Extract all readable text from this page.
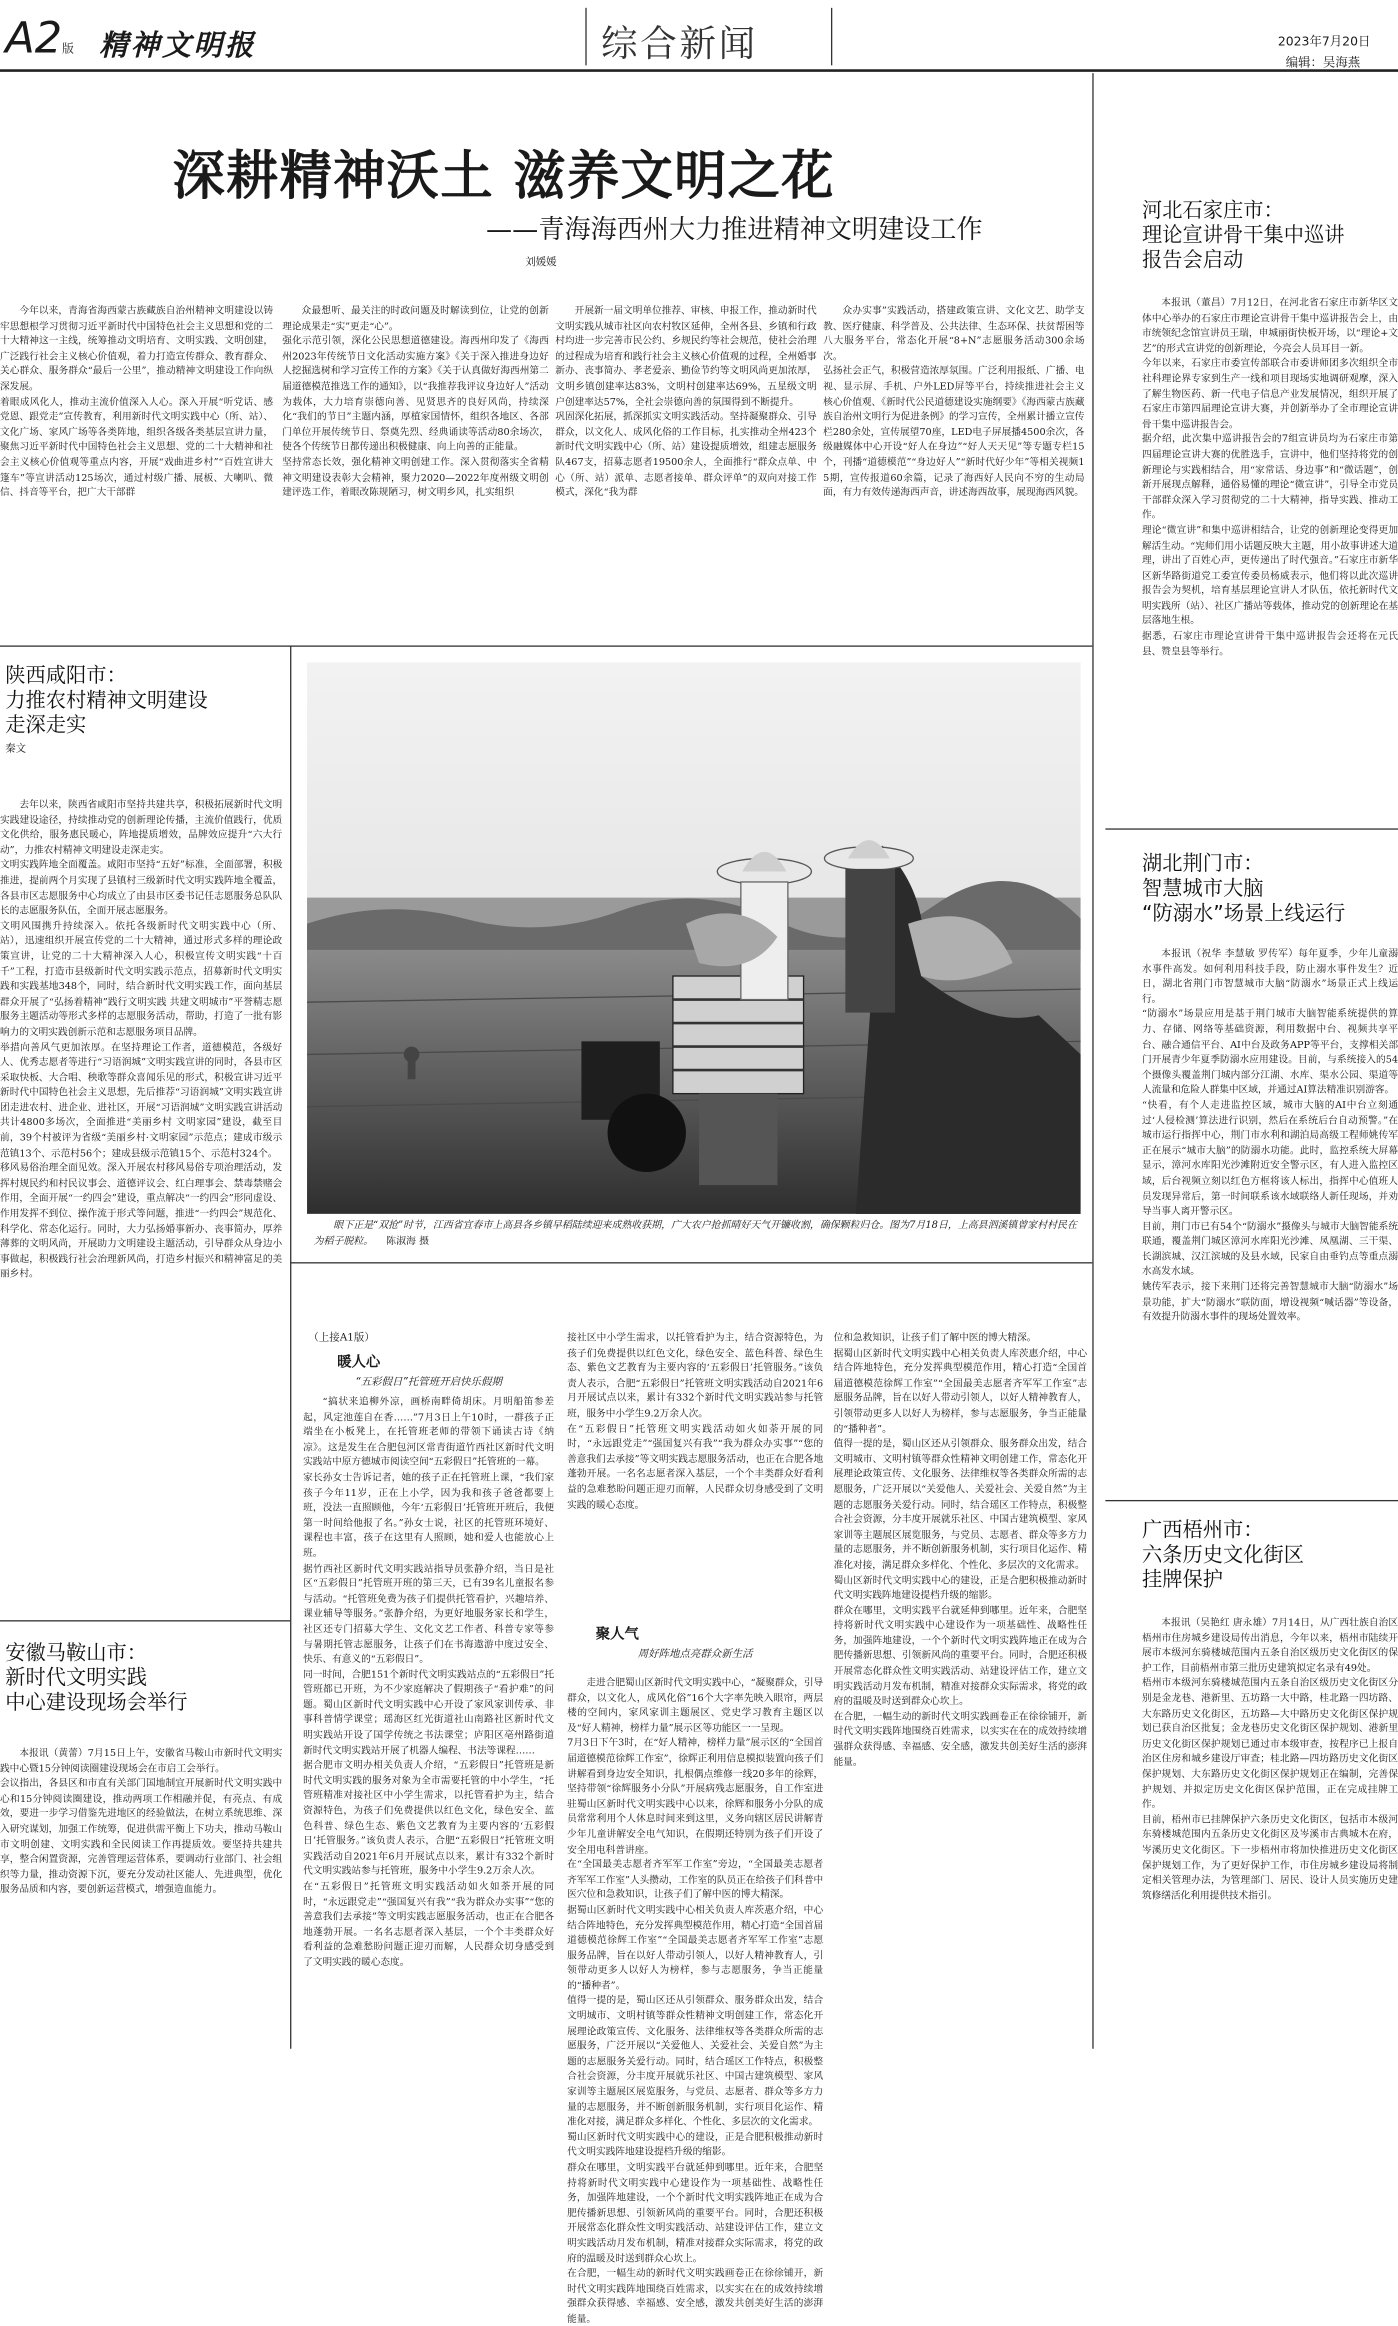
A2版 精神文明报	综合新闻	2023年7月20日
编辑：吴海燕
深耕精神沃土 滋养文明之花
——青海海西州大力推进精神文明建设工作
刘媛媛

今年以来，青海省海西蒙古族藏族自治州精神文明建设以铸牢思想根学习贯彻习近平新时代中国特色社会主义思想和党的二十大精神这一主线，统筹推动文明培育、文明实践、文明创建，广泛践行社会主义核心价值观，着力打造宣传群众、教育群众、关心群众、服务群众“最后一公里”，推动精神文明建设工作向纵深发展。
着眼成风化人，推动主流价值深入人心。深入开展“听党话、感党恩、跟党走”宣传教育，利用新时代文明实践中心（所、站）、文化广场、家风广场等各类阵地，组织各级各类基层宣讲力量，聚焦习近平新时代中国特色社会主义思想、党的二十大精神和社会主义核心价值观等重点内容，开展“戏曲进乡村”“百姓宣讲大篷车”等宣讲活动125场次，通过村级广播、展板、大喇叭、微信、抖音等平台，把广大干部群

众最想听、最关注的时政问题及时解读到位，让党的创新理论成果走“实”更走“心”。
强化示范引领，深化公民思想道德建设。海西州印发了《海西州2023年传统节日文化活动实施方案》《关于深入推进身边好人挖掘选树和学习宣传工作的方案》《关于认真做好海西州第二届道德模范推选工作的通知》，以“我推荐我评议身边好人”活动为载体，大力培育崇德向善、见贤思齐的良好风尚，持续深化“我们的节日”主题内涵，厚植家国情怀，组织各地区、各部门单位开展传统节日、祭奠先烈、经典诵读等活动80余场次，使各个传统节日都传递出积极健康、向上向善的正能量。
坚持常态长效，强化精神文明创建工作。深入贯彻落实全省精神文明建设表彰大会精神，聚力2020—2022年度州级文明创建评选工作，着眼改陈规陋习，树文明乡风，扎实组织

开展新一届文明单位推荐、审核、申报工作，推动新时代文明实践从城市社区向农村牧区延伸，全州各县、乡镇和行政村均进一步完善市民公约、乡规民约等社会规范，使社会治理的过程成为培育和践行社会主义核心价值观的过程，全州婚事新办、丧事简办、孝老爱亲、勤俭节约等文明风尚更加浓厚，文明乡镇创建率达83%，文明村创建率达69%，五星级文明户创建率达57%，全社会崇德向善的氛围得到不断提升。
巩固深化拓展，抓深抓实文明实践活动。坚持凝聚群众、引导群众，以文化人、成风化俗的工作目标，扎实推动全州423个新时代文明实践中心（所、站）建设提质增效，组建志愿服务队467支，招募志愿者19500余人，全面推行“群众点单、中心（所、站）派单、志愿者接单、群众评单”的双向对接工作模式，深化“我为群

众办实事”实践活动，搭建政策宣讲、文化文艺、助学支教、医疗健康、科学普及、公共法律、生态环保、扶贫帮困等八大服务平台，常态化开展“8+N”志愿服务活动300余场次。
弘扬社会正气，积极营造浓厚氛围。广泛利用报纸、广播、电视、显示屏、手机、户外LED屏等平台，持续推进社会主义核心价值观、《新时代公民道德建设实施纲要》《海西蒙古族藏族自治州文明行为促进条例》的学习宣传，全州累计播立宣传栏280余处，宣传展望70座，LED电子屏展播4500余次，各级融媒体中心开设“好人在身边”“好人天天见”等专题专栏15个，刊播“道德模范”“身边好人”“新时代好少年”等相关视频15期，宣传报道60余篇，记录了海西好人民向不穷的生动局面，有力有效传递海西声音，讲述海西故事，展现海西风貌。

河北石家庄市：
理论宣讲骨干集中巡讲
报告会启动

本报讯（董昌）7月12日，在河北省石家庄市新华区文体中心举办的石家庄市理论宣讲骨干集中巡讲报告会上，由市统领纪念馆宣讲员王瑞，申城丽街快板开场，以“理论+文艺”的形式宣讲党的创新理论，今亮会人员耳目一新。
今年以来，石家庄市委宣传部联合市委讲师团多次组织全市社科理论界专家到生产一线和项目现场实地调研观摩，深入了解生物医药、新一代电子信息产业发展情况，组织开展了石家庄市第四届理论宣讲大赛，并创新举办了全市理论宣讲骨干集中巡讲报告会。
据介绍，此次集中巡讲报告会的7组宣讲员均为石家庄市第四届理论宣讲大赛的优胜选手，宣讲中，他们坚持将党的创新理论与实践相结合，用“家常话、身边事”和“微话题”，创新开展现点解释，通俗易懂的理论“微宣讲”，引导全市党员干部群众深入学习贯彻党的二十大精神，指导实践、推动工作。
理论“微宣讲”和集中巡讲相结合，让党的创新理论变得更加解活生动。“宪师们用小话题反映大主题，用小故事讲述大道理，讲出了百姓心声，更传递出了时代强音。”石家庄市新华区新华路街道党工委宣传委员杨威表示，他们将以此次巡讲报告会为契机，培育基层理论宣讲人才队伍，依托新时代文明实践所（站）、社区广播站等载体，推动党的创新理论在基层落地生根。
据悉，石家庄市理论宣讲骨干集中巡讲报告会还将在元氏县、赞皇县等举行。

湖北荆门市：
智慧城市大脑
“防溺水”场景上线运行

本报讯（祝华 李慧敏 罗传军）每年夏季，少年儿童溺水事件高发。如何利用科技手段，防止溺水事件发生？近日，湖北省荆门市智慧城市大脑“防溺水”场景正式上线运行。
“防溺水”场景应用是基于荆门城市大脑智能系统提供的算力、存储、网络等基础资源，利用数据中台、视频共享平台、融合通信平台、AI中台及政务APP等平台，支撑相关部门开展青少年夏季防溺水应用建设。目前，与系统接入的54个摄像头覆盖荆门城内部分江湖、水库、渠水公园、渠道等人流量和危险人群集中区域，并通过AI算法精准识别游客。
“快看，有个人走进监控区域，城市大脑的AI中台立刻通过‘人侵检测’算法进行识别，然后在系统后台自动预警。”在城市运行指挥中心，荆门市水利和湖泊局高级工程师姚传军正在展示“城市大脑”的防溺水功能。此时，监控系统大屏幕显示，漳河水库阳光沙滩附近安全警示区，有人进入监控区域，后台视频立刻以红色方框将该人标出，指挥中心值班人员发现异常后，第一时间联系该水域联络人新任现场，并劝导当事人离开警示区。
目前，荆门市已有54个“防溺水”摄像头与城市大脑智能系统联通，覆盖荆门城区漳河水库阳光沙滩、凤凰湖、三干渠、长湖滨城、汉江滨城的及县水域，民家自由垂钓点等重点溺水高发水域。
姚传军表示，接下来荆门还将完善智慧城市大脑“防溺水”场景功能，扩大“防溺水”联防面，增设视频“喊话器”等设备，有效提升防溺水事件的现场处置效率。

广西梧州市：
六条历史文化街区
挂牌保护

本报讯（吴艳红 唐永雄）7月14日，从广西壮族自治区梧州市住房城乡建设局传出消息，今年以来，梧州市陆续开展市本级河东骑楼城范围内五条自治区级历史文化街区的保护工作，目前梧州市第三批历史建筑拟定名录有49处。
梧州市本级河东骑楼城范围内五条自治区级历史文化街区分别是金龙巷、港新里、五坊路一大中路，桂北路一四坊路、大东路历史文化街区，五坊路—大中路历史文化街区保护规划已获自治区批复；金龙巷历史文化街区保护规划、港新里历史文化街区保护规划已通过市本级审查，按程序已上报自治区住房和城乡建设厅审查；桂北路—四坊路历史文化街区保护规划、大东路历史文化街区保护规划正在编制，完善保护规划、并拟定历史文化街区保护范围，正在完成挂牌工作。
目前，梧州市已挂牌保护六条历史文化街区，包括市本级河东骑楼城范围内五条历史文化街区及岑溪市古典城木在府，岑溪历史文化街区。下一步梧州市将加快推进历史文化街区保护规划工作，为了更好保护工作，市住房城乡建设局将制定相关管理办法，为管理部门、居民、设计人员实施历史建筑修缮活化利用提供技术指引。

陕西咸阳市：
力推农村精神文明建设
走深走实
秦文

去年以来，陕西省咸阳市坚持共建共享，积极拓展新时代文明实践建设途径，持续推动党的创新理论传播，主流价值践行，优质文化供给，服务惠民暖心，阵地提质增效，品牌效应提升“六大行动”，力推农村精神文明建设走深走实。
文明实践阵地全面覆盖。咸阳市坚持“五好”标准，全面部署，积极推进，提前两个月实现了县镇村三级新时代文明实践阵地全覆盖，各县市区志愿服务中心均成立了由县市区委书记任志愿服务总队队长的志愿服务队伍，全面开展志愿服务。
文明风围携升持续深入。依托各级新时代文明实践中心（所、站），迅速组织开展宣传党的二十大精神，通过形式多样的理论政策宣讲，让党的二十大精神深入人心，积极宣传文明实践“十百千”工程，打造市县级新时代文明实践示范点，招募新时代文明实践和实践基地348个，同时，结合新时代文明实践工作，面向基层群众开展了“弘扬着精神”践行文明实践 共建文明城市”平誉精志愿服务主题活动等形式多样的志愿服务活动，帮助，打造了一批有影响力的文明实践创新示范和志愿服务项目品牌。
举措向善风气更加浓厚。在坚持理论工作者，道德模范，各级好人、优秀志愿者等进行“习语润城”文明实践宣讲的同时，各县市区采取快板、大合唱、秧歌等群众喜闻乐见的形式，积极宣讲习近平新时代中国特色社会主义思想，先后推荐“习语润城”文明实践宣讲团走进农村、进企业、进社区，开展“习语润城”文明实践宣讲活动共计4800多场次，全面推进“美丽乡村 文明家园”建设，截至目前，39个村被评为省级“美丽乡村·文明家园”示范点；建成市级示范镇13个、示范村56个；建成县级示范镇15个、示范村324个。
移风易俗治理全面见效。深入开展农村移风易俗专项治理活动，发挥村规民约和村民议事会、道德评议会、红白理事会、禁毒禁赌会作用，全面开展“一约四会”建设，重点解决“一约四会”形同虚设、作用发挥不到位、操作流于形式等问题，推进“一约四会”规范化、科学化、常态化运行。同时，大力弘扬婚事新办、丧事简办，厚养薄葬的文明风尚，开展助力文明建设主题活动，引导群众从身边小事做起，积极践行社会治理新风尚，打造乡村振兴和精神富足的美丽乡村。

安徽马鞍山市：
新时代文明实践
中心建设现场会举行

本报讯（黄蕾）7月15日上午，安徽省马鞍山市新时代文明实践中心暨15分钟阅读圈建设现场会在市启工会举行。
会议指出，各县区和市直有关部门国地制宜开展新时代文明实践中心和15分钟阅读圈建设，推动两项工作相融并促，有亮点、有成效，要进一步学习借鉴先进地区的经验做法，在树立系统思维、深入研究谋划，加强工作统筹，促进供需平衡上下功夫，推动马鞍山市文明创建、文明实践和全民阅读工作再提质效。要坚持共建共享，整合闲置资源，完善管理运营体系，要调动行业部门、社会组织等力量，推动资源下沉，要充分发动社区能人、先进典型，优化服务品质和内容，要创新运营模式，增强造血能力。

眼下正是“双抢”时节，江西省宜春市上高县各乡镇早稻陆续迎来成熟收获期，广大农户抢抓晴好天气开镰收割，确保颗粒归仓。图为7月18日，上高县泗溪镇曾家村村民在为稻子脱粒。 陈淑海 摄
（上接A1版）
暖人心
“五彩假日”托管班开启快乐假期

“搞状来追柳外凉，画桥南畔倚胡床。月明船笛参差起，风定池莲自在香……”7月3日上午10时，一群孩子正端坐在小板凳上，在托管班老师的带领下诵读古诗《纳凉》。这是发生在合肥包河区常青街道竹西社区新时代文明实践站中原方德城市阅读空间“五彩假日”托管班的一幕。
家长孙女士告诉记者，她的孩子正在托管班上课，“我们家孩子今年11岁，正在上小学，因为我和孩子爸爸都要上班，没法一直照顾他，今年‘五彩假日’托管班开班后，我便第一时间给他报了名。”孙女士说，社区的托管班环境好、课程也丰富，孩子在这里有人照顾，她和爱人也能放心上班。
据竹西社区新时代文明实践站指导员张静介绍，当日是社区“五彩假日”托管班开班的第三天，已有39名儿童报名参与活动。“托管班免费为孩子们提供托管看护，兴趣培养、课业辅导等服务。”张静介绍，为更好地服务家长和学生，社区还专门招募大学生、文化文艺工作者、科普专家等参与暑期托管志愿服务，让孩子们在书海遨游中度过安全、快乐、有意义的“五彩假日”。
同一时间，合肥151个新时代文明实践站点的“五彩假日”托管班都已开班，为不少家庭解决了假期孩子“看护难”的问题。蜀山区新时代文明实践中心开设了家风家训传承、非事科普情学课堂；瑶海区红光街道社山南路社区新时代文明实践站开设了国学传统之书法课堂；庐阳区亳州路街道新时代文明实践站开展了机器人编程、书法等课程……
据合肥市文明办相关负责人介绍，“五彩假日”托管班是新时代文明实践的服务对象为全市需要托管的中小学生，“托管班精准对接社区中小学生需求，以托管看护为主，结合资源特色，为孩子们免费提供以红色文化，绿色安全、蓝色科普、绿色生态、紫色文艺教育为主要内容的‘五彩假日’托管服务。”该负责人表示，合肥“五彩假日”托管班文明实践活动自2021年6月开展试点以来，累计有332个新时代文明实践站参与托管班，服务中小学生9.2万余人次。
在“五彩假日”托管班文明实践活动如火如荼开展的同时，“永远跟党走”“强国复兴有我”“我为群众办实事”“您的善意我们去承接”等文明实践志愿服务活动，也正在合肥各地蓬勃开展。一名名志愿者深入基层，一个个丰类群众好看利益的急难愁盼问题正迎刃而解，人民群众切身感受到了文明实践的暖心态度。

聚人气
周好阵地点亮群众新生活

接社区中小学生需求，以托管看护为主，结合资源特色，为孩子们免费提供以红色文化，绿色安全、蓝色科普、绿色生态、紫色文艺教育为主要内容的‘五彩假日’托管服务。”该负责人表示，合肥“五彩假日”托管班文明实践活动自2021年6月开展试点以来，累计有332个新时代文明实践站参与托管班，服务中小学生9.2万余人次。
在“五彩假日”托管班文明实践活动如火如荼开展的同时，“永远跟党走”“强国复兴有我”“我为群众办实事”“您的善意我们去承接”等文明实践志愿服务活动，也正在合肥各地蓬勃开展。一名名志愿者深入基层，一个个丰类群众好看利益的急难愁盼问题正迎刃而解，人民群众切身感受到了文明实践的暖心态度。

走进合肥蜀山区新时代文明实践中心，“凝聚群众，引导群众，以文化人，成风化俗”16个大字率先映入眼帘，两层楼的空间内，家风家训主题展区、党史学习教育主题区以及“好人精神，榜样力量”展示区等功能区一一呈现。
7月3日下午3时，在“好人精神，榜样力量”展示区的“全国首届道德模范徐辉工作室”，徐辉正利用信息模拟装置向孩子们讲解看到身边安全知识，扎根偶点维修一线20多年的徐辉，坚持带领“徐辉服务小分队”开展病残志愿服务，自工作室进驻蜀山区新时代文明实践中心以来，徐辉和服务小分队的成员常常利用个人休息时间来到这里，义务向辖区居民讲解青少年儿童讲解安全电气知识，在假期还特别为孩子们开设了安全用电科普讲座。
在“全国最美志愿者齐军军工作室”旁边，“全国最美志愿者齐军军工作室”人头攒动，工作室的队员正在给孩子们科普中医穴位和急救知识，让孩子们了解中医的博大精深。
据蜀山区新时代文明实践中心相关负责人库茨惠介绍，中心结合阵地特色，充分发挥典型模范作用，精心打造“全国首届道德模范徐辉工作室”“全国最美志愿者齐军军工作室”志愿服务品牌，旨在以好人带动引领人，以好人精神教育人，引领带动更多人以好人为榜样，参与志愿服务，争当正能量的“播种者”。
值得一提的是，蜀山区还从引领群众、服务群众出发，结合文明城市、文明村镇等群众性精神文明创建工作，常态化开展理论政策宣传、文化服务、法律维权等各类群众所需的志愿服务，广泛开展以“关爱他人、关爱社会、关爱自然”为主题的志愿服务关爱行动。同时，结合瑶区工作特点，积极整合社会资源，分丰度开展就乐社区、中国古建筑模型、家风家训等主题展区展览服务，与党员、志愿者、群众等多方力量的志愿服务，并不断创新服务机制，实行项目化运作、精准化对接，满足群众多样化、个性化、多层次的文化需求。
蜀山区新时代文明实践中心的建设，正是合肥积极推动新时代文明实践阵地建设提档升级的缩影。
群众在哪里，文明实践平台就延伸到哪里。近年来，合肥坚持将新时代文明实践中心建设作为一项基础性、战略性任务，加强阵地建设，一个个新时代文明实践阵地正在成为合肥传播新思想、引领新风尚的重要平台。同时，合肥还积极开展常态化群众性文明实践活动、站建设评估工作，建立文明实践活动月发布机制，精准对接群众实际需求，将党的政府的温暖及时送到群众心坎上。
在合肥，一幅生动的新时代文明实践画卷正在徐徐铺开，新时代文明实践阵地围绕百姓需求，以实实在在的成效持续增强群众获得感、幸福感、安全感，激发共创美好生活的澎湃能量。

位和急救知识，让孩子们了解中医的博大精深。
据蜀山区新时代文明实践中心相关负责人库茨惠介绍，中心结合阵地特色，充分发挥典型模范作用，精心打造“全国首届道德模范徐辉工作室”“全国最美志愿者齐军军工作室”志愿服务品牌，旨在以好人带动引领人，以好人精神教育人，引领带动更多人以好人为榜样，参与志愿服务，争当正能量的“播种者”。
值得一提的是，蜀山区还从引领群众、服务群众出发，结合文明城市、文明村镇等群众性精神文明创建工作，常态化开展理论政策宣传、文化服务、法律维权等各类群众所需的志愿服务，广泛开展以“关爱他人、关爱社会、关爱自然”为主题的志愿服务关爱行动。同时，结合瑶区工作特点，积极整合社会资源，分丰度开展就乐社区、中国古建筑模型、家风家训等主题展区展览服务，与党员、志愿者、群众等多方力量的志愿服务，并不断创新服务机制，实行项目化运作、精准化对接，满足群众多样化、个性化、多层次的文化需求。
蜀山区新时代文明实践中心的建设，正是合肥积极推动新时代文明实践阵地建设提档升级的缩影。
群众在哪里，文明实践平台就延伸到哪里。近年来，合肥坚持将新时代文明实践中心建设作为一项基础性、战略性任务，加强阵地建设，一个个新时代文明实践阵地正在成为合肥传播新思想、引领新风尚的重要平台。同时，合肥还积极开展常态化群众性文明实践活动、站建设评估工作，建立文明实践活动月发布机制，精准对接群众实际需求，将党的政府的温暖及时送到群众心坎上。
在合肥，一幅生动的新时代文明实践画卷正在徐徐铺开，新时代文明实践阵地围绕百姓需求，以实实在在的成效持续增强群众获得感、幸福感、安全感，激发共创美好生活的澎湃能量。
